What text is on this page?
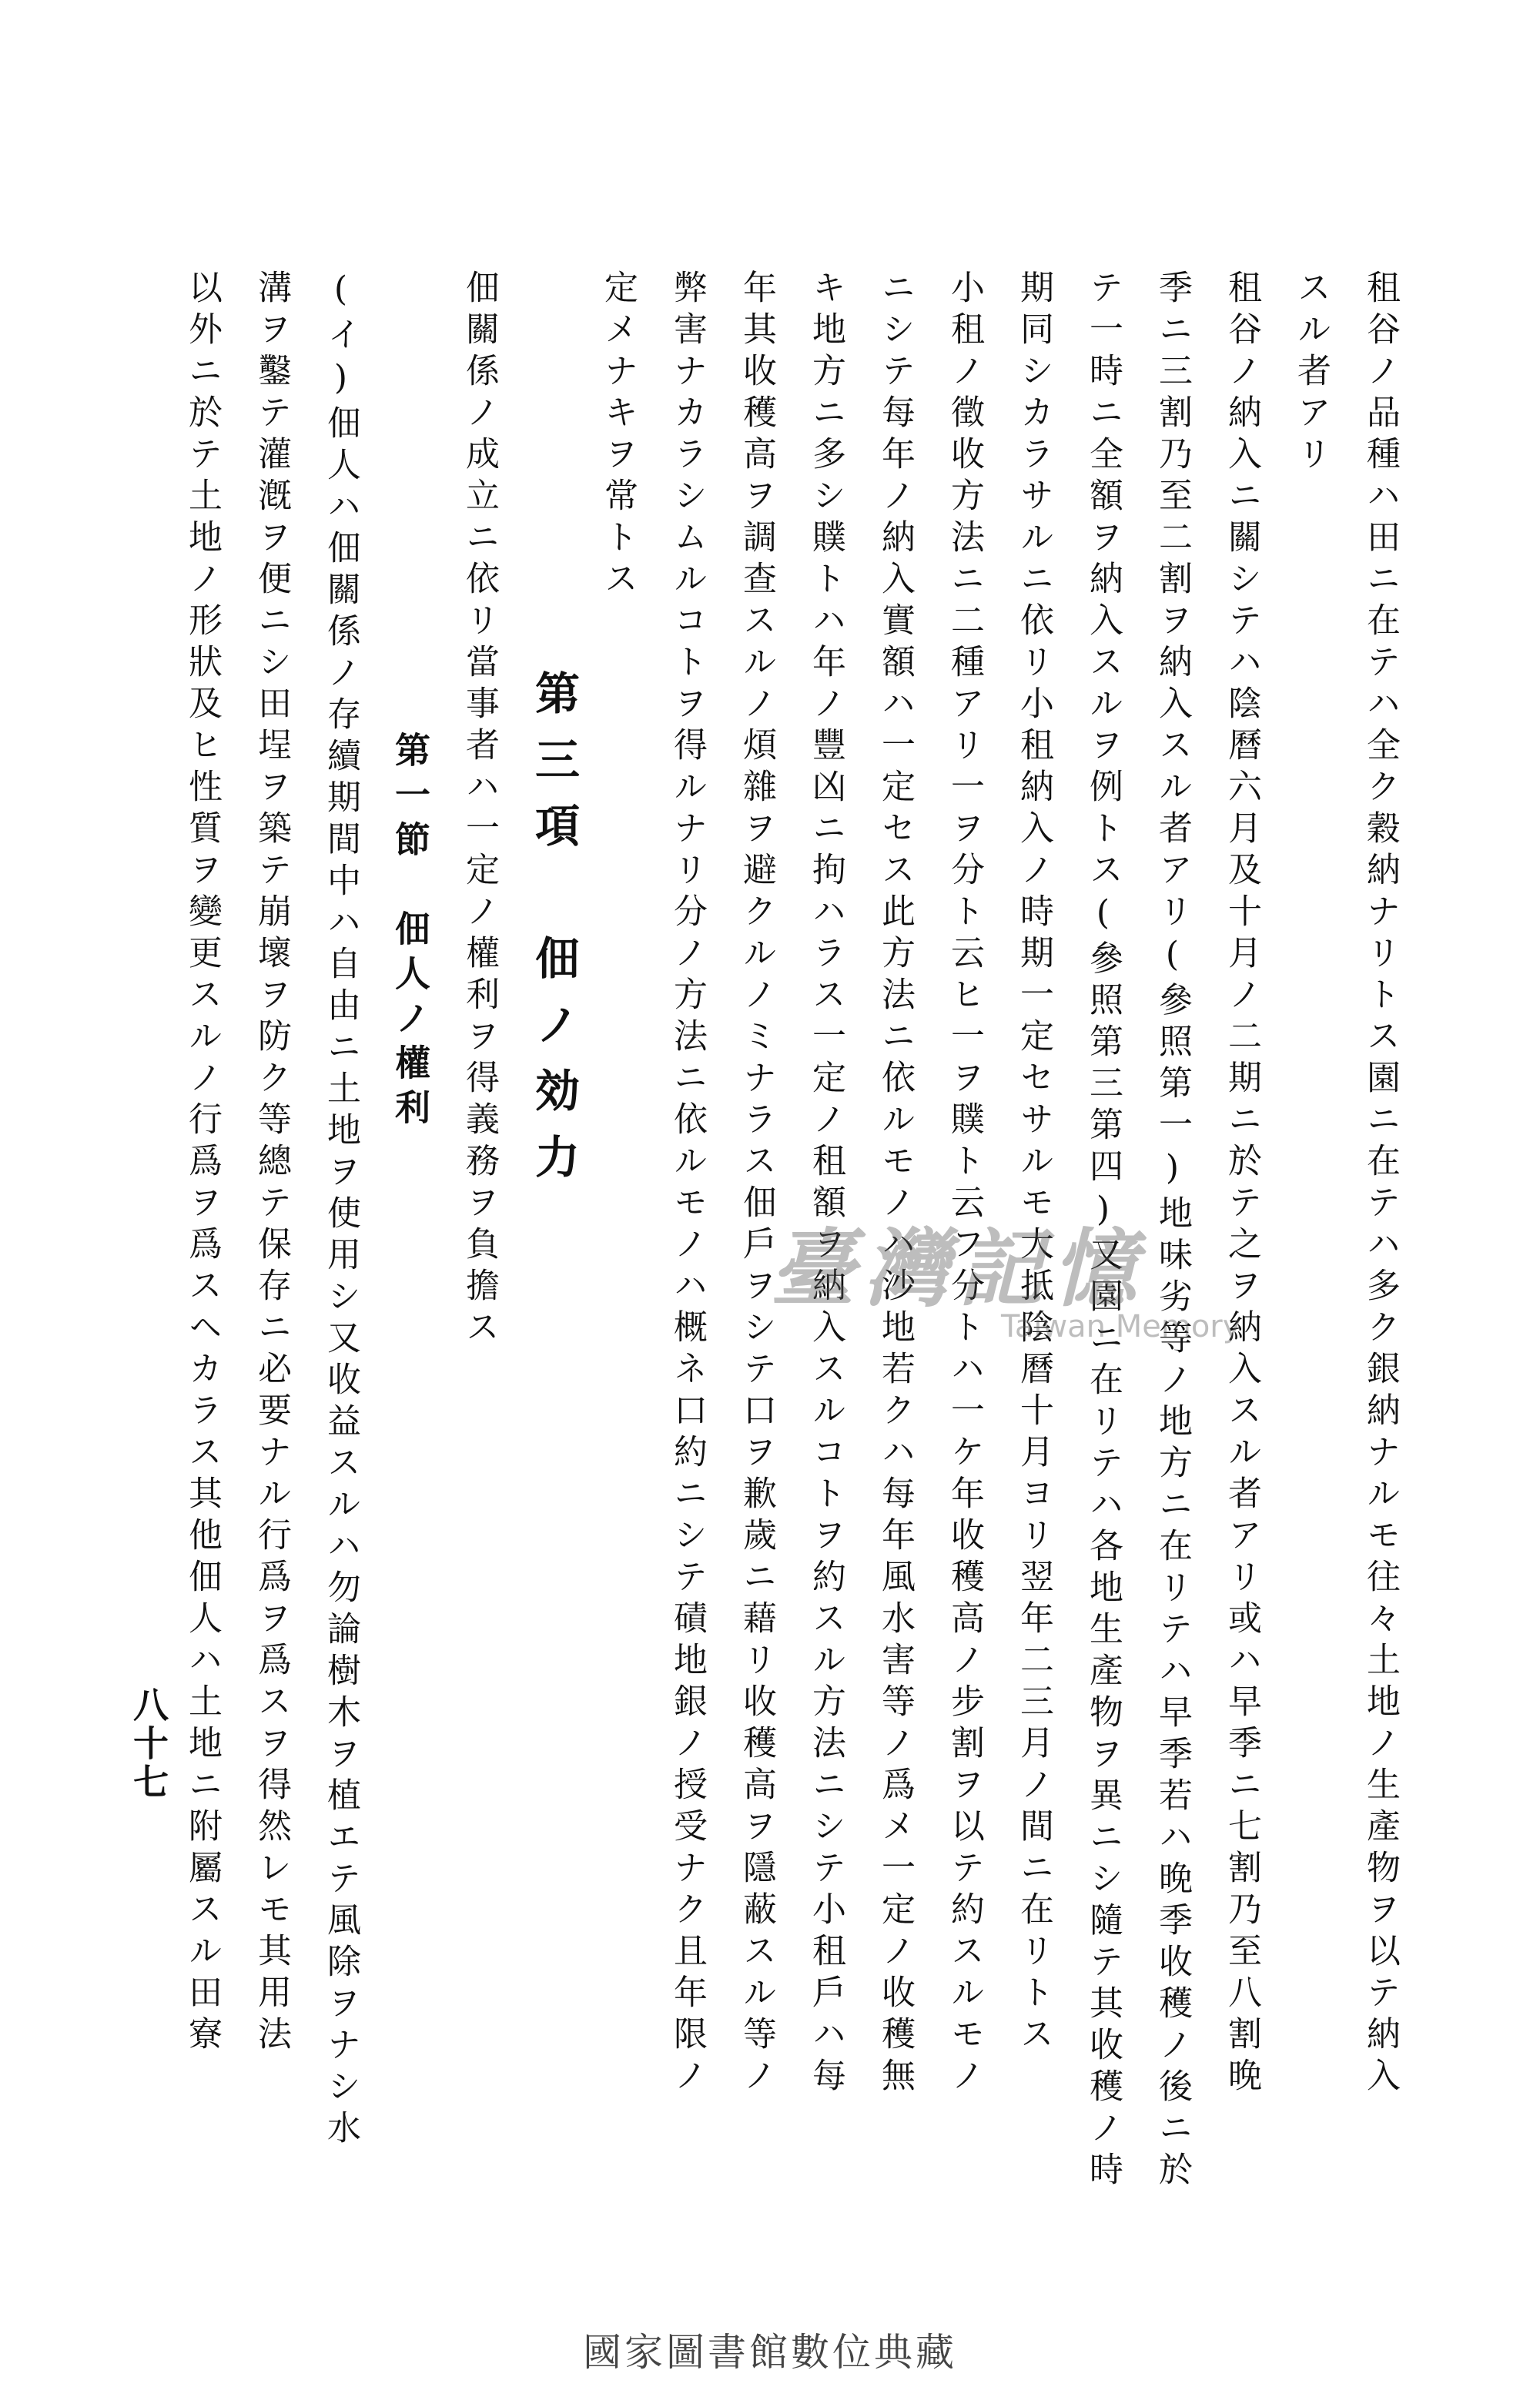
租谷ノ品種ハ田ニ在テハ全ク穀納ナリトス園ニ在テハ多ク銀納ナルモ往々土地ノ生產物ヲ以テ納入
スル者アリ
租谷ノ納入ニ關シテハ陰曆六月及十月ノ二期ニ於テ之ヲ納入スル者アリ或ハ早季ニ七割乃至八割晚
季ニ三割乃至二割ヲ納入スル者アリ(參照第一)地味劣等ノ地方ニ在リテハ早季若ハ晚季收穫ノ後ニ於
テ一時ニ全額ヲ納入スルヲ例トス(參照第三第四)又園ニ在リテハ各地生產物ヲ異ニシ隨テ其收穫ノ時
期同シカラサルニ依リ小租納入ノ時期一定セサルモ大抵陰曆十月ヨリ翌年二三月ノ間ニ在リトス
小租ノ徵收方法ニ二種アリ一ヲ分ト云ヒ一ヲ贌ト云フ分トハ一ケ年收穫高ノ步割ヲ以テ約スルモノ
ニシテ每年ノ納入實額ハ一定セス此方法ニ依ルモノハ沙地若クハ每年風水害等ノ爲メ一定ノ收穫無
キ地方ニ多シ贌トハ年ノ豐凶ニ拘ハラス一定ノ租額ヲ納入スルコトヲ約スル方法ニシテ小租戶ハ每
年其收穫高ヲ調查スルノ煩雜ヲ避クルノミナラス佃戶ヲシテ口ヲ歉歲ニ藉リ收穫高ヲ隱蔽スル等ノ
弊害ナカラシムルコトヲ得ルナリ分ノ方法ニ依ルモノハ概ネ口約ニシテ磧地銀ノ授受ナク且年限ノ
定メナキヲ常トス
第三項　佃ノ効力
佃關係ノ成立ニ依リ當事者ハ一定ノ權利ヲ得義務ヲ負擔ス
第一節　佃人ノ權利
(イ)佃人ハ佃關係ノ存續期間中ハ自由ニ土地ヲ使用シ又收益スルハ勿論樹木ヲ植エテ風除ヲナシ水
溝ヲ鑿テ灌漑ヲ便ニシ田埕ヲ築テ崩壞ヲ防ク等總テ保存ニ必要ナル行爲ヲ爲スヲ得然レモ其用法
以外ニ於テ土地ノ形狀及ヒ性質ヲ變更スルノ行爲ヲ爲スヘカラス其他佃人ハ土地ニ附屬スル田寮
八十七
臺灣記憶
Taiwan Memory
國家圖書館數位典藏
